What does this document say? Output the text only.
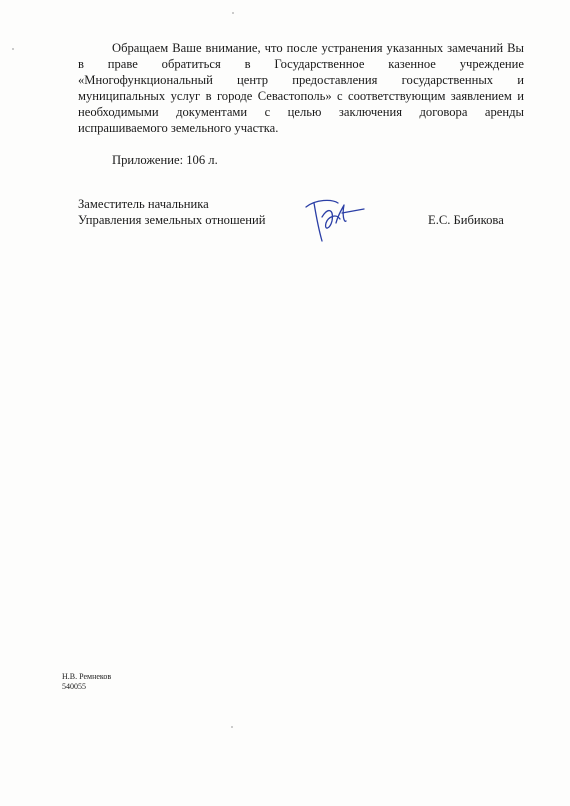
Обращаем Ваше внимание, что после устранения указанных замечаний Вы в праве обратиться в Государственное казенное учреждение «Многофункциональный центр предоставления государственных и муниципальных услуг в городе Севастополь» с соответствующим заявлением и необходимыми документами с целью заключения договора аренды испрашиваемого земельного участка.

Приложение: 106 л.

Заместитель начальника
Управления земельных отношений	Е.С. Бибикова
Н.В. Ремнеков
540055
